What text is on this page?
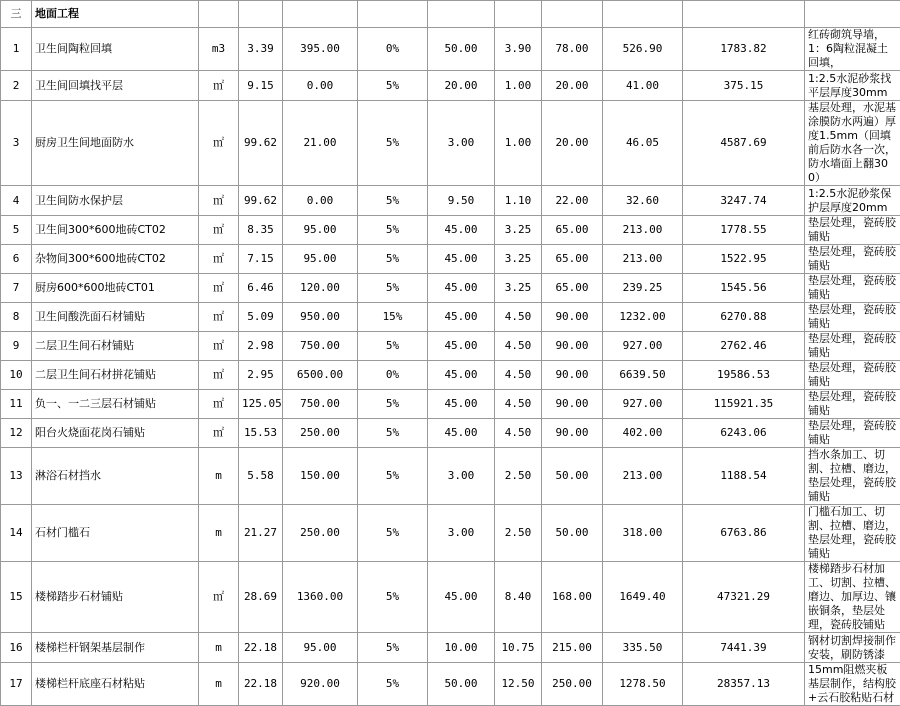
三	地面工程										
1	卫生间陶粒回填	m3	3.39	395.00	0%	50.00	3.90	78.00	526.90	1783.82	红砖砌筑导墙，1：6陶粒混凝土回填，
2	卫生间回填找平层	㎡	9.15	0.00	5%	20.00	1.00	20.00	41.00	375.15	1:2.5水泥砂浆找平层厚度30mm
3	厨房卫生间地面防水	㎡	99.62	21.00	5%	3.00	1.00	20.00	46.05	4587.69	基层处理，水泥基涂膜防水两遍）厚度1.5mm（回填前后防水各一次，防水墙面上翻300）
4	卫生间防水保护层	㎡	99.62	0.00	5%	9.50	1.10	22.00	32.60	3247.74	1:2.5水泥砂浆保护层厚度20mm
5	卫生间300*600地砖CT02	㎡	8.35	95.00	5%	45.00	3.25	65.00	213.00	1778.55	垫层处理，瓷砖胶铺贴
6	杂物间300*600地砖CT02	㎡	7.15	95.00	5%	45.00	3.25	65.00	213.00	1522.95	垫层处理，瓷砖胶铺贴
7	厨房600*600地砖CT01	㎡	6.46	120.00	5%	45.00	3.25	65.00	239.25	1545.56	垫层处理，瓷砖胶铺贴
8	卫生间酸洗面石材铺贴	㎡	5.09	950.00	15%	45.00	4.50	90.00	1232.00	6270.88	垫层处理，瓷砖胶铺贴
9	二层卫生间石材铺贴	㎡	2.98	750.00	5%	45.00	4.50	90.00	927.00	2762.46	垫层处理，瓷砖胶铺贴
10	二层卫生间石材拼花铺贴	㎡	2.95	6500.00	0%	45.00	4.50	90.00	6639.50	19586.53	垫层处理，瓷砖胶铺贴
11	负一、一二三层石材铺贴	㎡	125.05	750.00	5%	45.00	4.50	90.00	927.00	115921.35	垫层处理，瓷砖胶铺贴
12	阳台火烧面花岗石铺贴	㎡	15.53	250.00	5%	45.00	4.50	90.00	402.00	6243.06	垫层处理，瓷砖胶铺贴
13	淋浴石材挡水	m	5.58	150.00	5%	3.00	2.50	50.00	213.00	1188.54	挡水条加工、切割、拉槽、磨边，垫层处理，瓷砖胶铺贴
14	石材门槛石	m	21.27	250.00	5%	3.00	2.50	50.00	318.00	6763.86	门槛石加工、切割、拉槽、磨边，垫层处理，瓷砖胶铺贴
15	楼梯踏步石材铺贴	㎡	28.69	1360.00	5%	45.00	8.40	168.00	1649.40	47321.29	楼梯踏步石材加工、切割、拉槽、磨边、加厚边、镶嵌铜条，垫层处理，瓷砖胶铺贴
16	楼梯栏杆钢架基层制作	m	22.18	95.00	5%	10.00	10.75	215.00	335.50	7441.39	钢材切割焊接制作安装，刷防锈漆
17	楼梯栏杆底座石材粘贴	m	22.18	920.00	5%	50.00	12.50	250.00	1278.50	28357.13	15mm阻燃夹板基层制作，结构胶+云石胶粘贴石材
